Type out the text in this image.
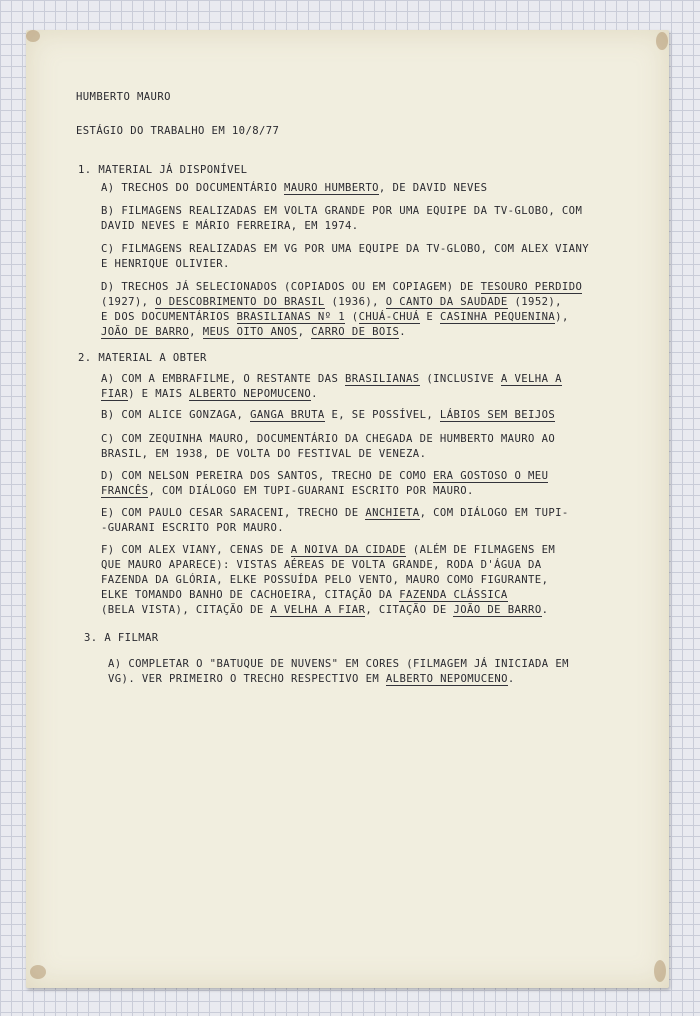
HUMBERTO MAURO
ESTÁGIO DO TRABALHO EM 10/8/77
1. MATERIAL JÁ DISPONÍVEL
A) TRECHOS DO DOCUMENTÁRIO MAURO HUMBERTO, DE DAVID NEVES
B) FILMAGENS REALIZADAS EM VOLTA GRANDE POR UMA EQUIPE DA TV-GLOBO, COM
DAVID NEVES E MÁRIO FERREIRA, EM 1974.
C) FILMAGENS REALIZADAS EM VG POR UMA EQUIPE DA TV-GLOBO, COM ALEX VIANY
E HENRIQUE OLIVIER.
D) TRECHOS JÁ SELECIONADOS (COPIADOS OU EM COPIAGEM) DE TESOURO PERDIDO
(1927), O DESCOBRIMENTO DO BRASIL (1936), O CANTO DA SAUDADE (1952),
E DOS DOCUMENTÁRIOS BRASILIANAS Nº 1 (CHUÁ-CHUÁ E CASINHA PEQUENINA),
JOÃO DE BARRO, MEUS OITO ANOS, CARRO DE BOIS.
2. MATERIAL A OBTER
A) COM A EMBRAFILME, O RESTANTE DAS BRASILIANAS (INCLUSIVE A VELHA A
FIAR) E MAIS ALBERTO NEPOMUCENO.
B) COM ALICE GONZAGA, GANGA BRUTA E, SE POSSÍVEL, LÁBIOS SEM BEIJOS
C) COM ZEQUINHA MAURO, DOCUMENTÁRIO DA CHEGADA DE HUMBERTO MAURO AO
BRASIL, EM 1938, DE VOLTA DO FESTIVAL DE VENEZA.
D) COM NELSON PEREIRA DOS SANTOS, TRECHO DE COMO ERA GOSTOSO O MEU
FRANCÊS, COM DIÁLOGO EM TUPI-GUARANI ESCRITO POR MAURO.
E) COM PAULO CESAR SARACENI, TRECHO DE ANCHIETA, COM DIÁLOGO EM TUPI-
-GUARANI ESCRITO POR MAURO.
F) COM ALEX VIANY, CENAS DE A NOIVA DA CIDADE (ALÉM DE FILMAGENS EM
QUE MAURO APARECE): VISTAS AÉREAS DE VOLTA GRANDE, RODA D'ÁGUA DA
FAZENDA DA GLÓRIA, ELKE POSSUÍDA PELO VENTO, MAURO COMO FIGURANTE,
ELKE TOMANDO BANHO DE CACHOEIRA, CITAÇÃO DA FAZENDA CLÁSSICA
(BELA VISTA), CITAÇÃO DE A VELHA A FIAR, CITAÇÃO DE JOÃO DE BARRO.
3. A FILMAR
A) COMPLETAR O "BATUQUE DE NUVENS" EM CORES (FILMAGEM JÁ INICIADA EM
VG). VER PRIMEIRO O TRECHO RESPECTIVO EM ALBERTO NEPOMUCENO.
